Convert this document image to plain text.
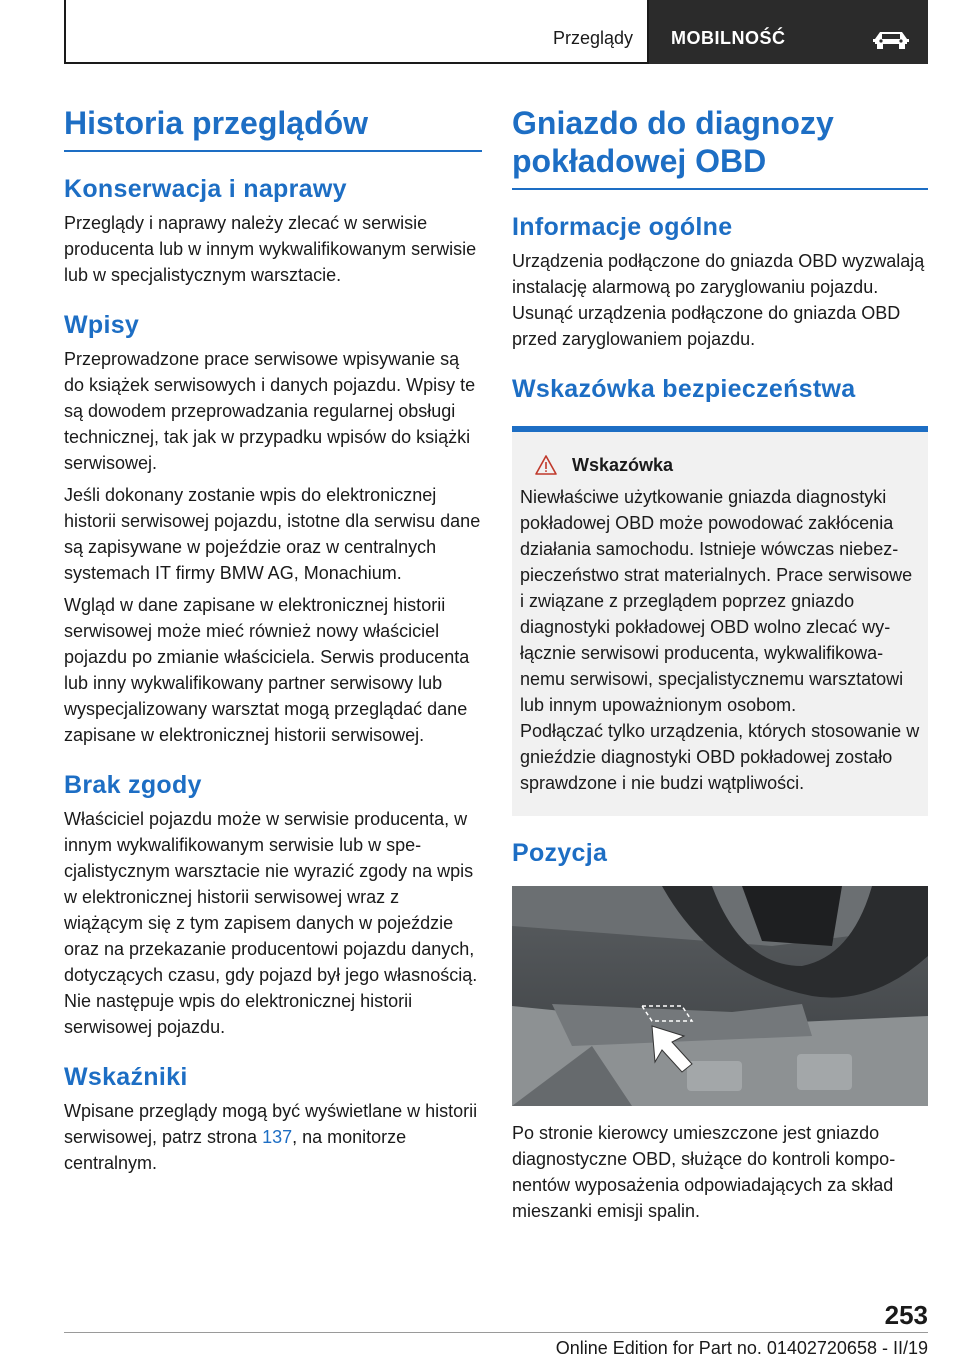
Przeglądy MOBILNOŚĆ
Historia przeglądów
Konserwacja i naprawy

Przeglądy i naprawy należy zlecać w serwisie producenta lub w innym wykwalifikowanym serwisie lub w specjalistycznym warsztacie.

Wpisy

Przeprowadzone prace serwisowe wpisywanie są do książek serwisowych i danych pojazdu. Wpisy te są dowodem przeprowadzania regularnej obsługi technicznej, tak jak w przypadku wpisów do książki serwisowej.

Jeśli dokonany zostanie wpis do elektronicznej historii serwisowej pojazdu, istotne dla serwisu dane są zapisywane w pojeździe oraz w centralnych systemach IT firmy BMW AG, Monachium.

Wgląd w dane zapisane w elektronicznej historii serwisowej może mieć również nowy właściciel pojazdu po zmianie właściciela. Serwis producenta lub inny wykwalifikowany partner serwisowy lub wyspecjalizowany warsztat mogą przeglądać dane zapisane w elektronicznej historii serwisowej.

Brak zgody

Właściciel pojazdu może w serwisie producenta, w innym wykwalifikowanym serwisie lub w specjalistycznym warsztacie nie wyrazić zgody na wpis w elektronicznej historii serwisowej wraz z wiążącym się z tym zapisem danych w pojeździe oraz na przekazanie producentowi pojazdu danych, dotyczących czasu, gdy pojazd był jego własnością. Nie następuje wpis do elektronicznej historii serwisowej pojazdu.

Wskaźniki

Wpisane przeglądy mogą być wyświetlane w historii serwisowej, patrz strona 137, na monitorze centralnym.

Gniazdo do diagnozy pokładowej OBD
Informacje ogólne

Urządzenia podłączone do gniazda OBD wyzwalają instalację alarmową po zaryglowaniu pojazdu. Usunąć urządzenia podłączone do gniazda OBD przed zaryglowaniem pojazdu.

Wskazówka bezpieczeństwa
Wskazówka

Niewłaściwe użytkowanie gniazda diagnostyki pokładowej OBD może powodować zakłócenia działania samochodu. Istnieje wówczas niebezpieczeństwo strat materialnych. Prace serwisowe i związane z przeglądem poprzez gniazdo diagnostyki pokładowej OBD wolno zlecać wyłącznie serwisowi producenta, wykwalifikowanemu serwisowi, specjalistycznemu warsztatowi lub innym upoważnionym osobom.

Podłączać tylko urządzenia, których stosowanie w gnieździe diagnostyki OBD pokładowej zostało sprawdzone i nie budzi wątpliwości.

Pozycja

Po stronie kierowcy umieszczone jest gniazdo diagnostyczne OBD, służące do kontroli komponentów wyposażenia odpowiadających za skład mieszanki emisji spalin.

253
Online Edition for Part no. 01402720658 - II/19
